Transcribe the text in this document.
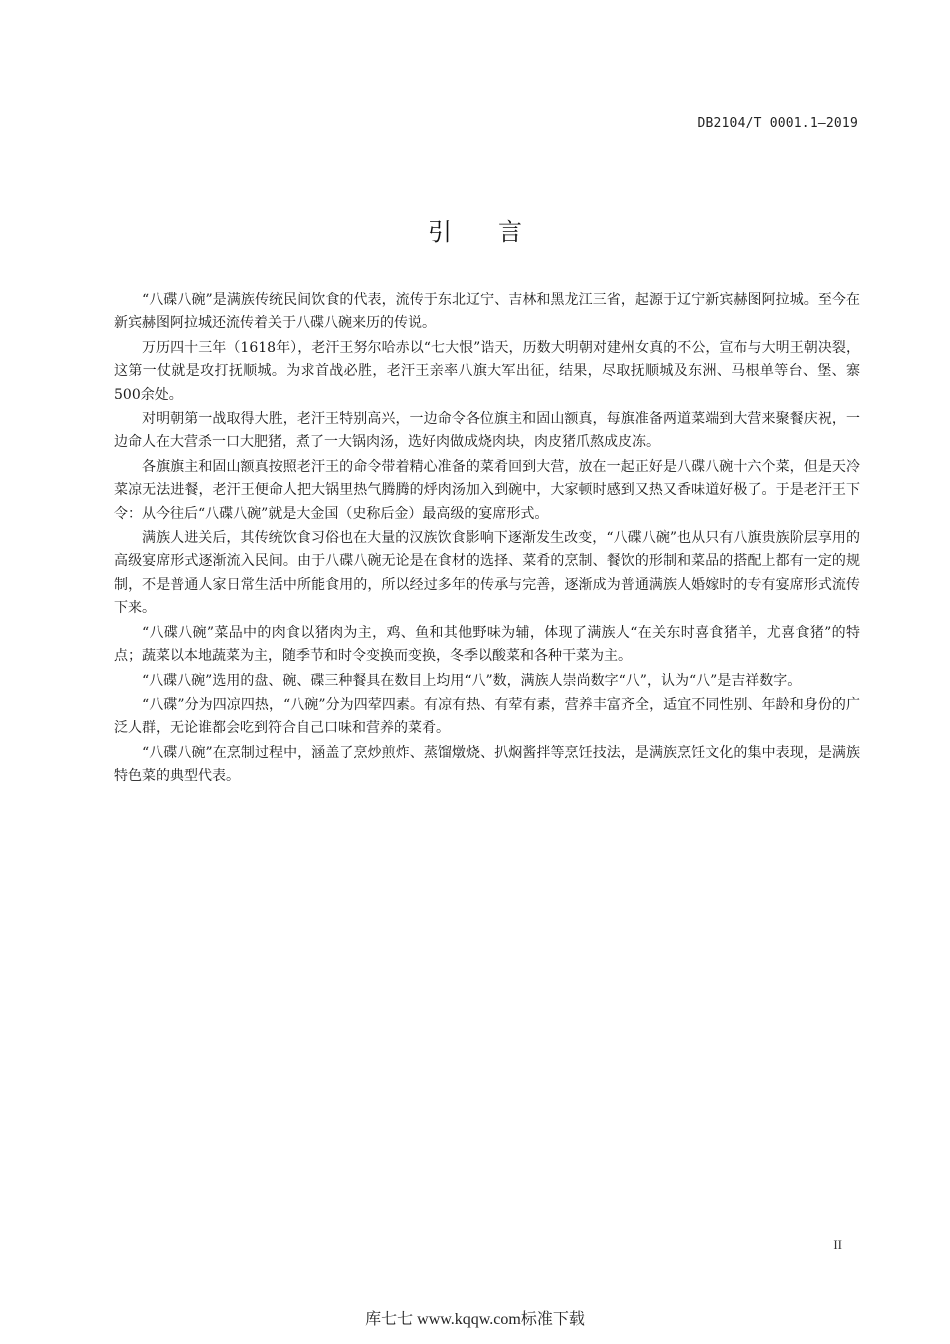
DB2104/T 0001.1—2019
引言

“八碟八碗”是满族传统民间饮食的代表，流传于东北辽宁、吉林和黑龙江三省，起源于辽宁新宾赫图阿拉城。至今在新宾赫图阿拉城还流传着关于八碟八碗来历的传说。

万历四十三年（1618年），老汗王努尔哈赤以“七大恨”诰天，历数大明朝对建州女真的不公，宣布与大明王朝决裂，这第一仗就是攻打抚顺城。为求首战必胜，老汗王亲率八旗大军出征，结果，尽取抚顺城及东洲、马根单等台、堡、寨500余处。

对明朝第一战取得大胜，老汗王特别高兴，一边命令各位旗主和固山额真，每旗准备两道菜端到大营来聚餐庆祝，一边命人在大营杀一口大肥猪，煮了一大锅肉汤，选好肉做成烧肉块，肉皮猪爪熬成皮冻。

各旗旗主和固山额真按照老汗王的命令带着精心准备的菜肴回到大营，放在一起正好是八碟八碗十六个菜，但是天冷菜凉无法进餐，老汗王便命人把大锅里热气腾腾的烀肉汤加入到碗中，大家顿时感到又热又香味道好极了。于是老汗王下令：从今往后“八碟八碗”就是大金国（史称后金）最高级的宴席形式。

满族人进关后，其传统饮食习俗也在大量的汉族饮食影响下逐渐发生改变，“八碟八碗”也从只有八旗贵族阶层享用的高级宴席形式逐渐流入民间。由于八碟八碗无论是在食材的选择、菜肴的烹制、餐饮的形制和菜品的搭配上都有一定的规制，不是普通人家日常生活中所能食用的，所以经过多年的传承与完善，逐渐成为普通满族人婚嫁时的专有宴席形式流传下来。

“八碟八碗”菜品中的肉食以猪肉为主，鸡、鱼和其他野味为辅，体现了满族人“在关东时喜食猪羊，尤喜食猪”的特点；蔬菜以本地蔬菜为主，随季节和时令变换而变换，冬季以酸菜和各种干菜为主。

“八碟八碗”选用的盘、碗、碟三种餐具在数目上均用“八”数，满族人崇尚数字“八”，认为“八”是吉祥数字。

“八碟”分为四凉四热，“八碗”分为四荤四素。有凉有热、有荤有素，营养丰富齐全，适宜不同性别、年龄和身份的广泛人群，无论谁都会吃到符合自己口味和营养的菜肴。

“八碟八碗”在烹制过程中，涵盖了烹炒煎炸、蒸馏燉烧、扒焖酱拌等烹饪技法，是满族烹饪文化的集中表现，是满族特色菜的典型代表。

II
库七七 www.kqqw.com标准下载
